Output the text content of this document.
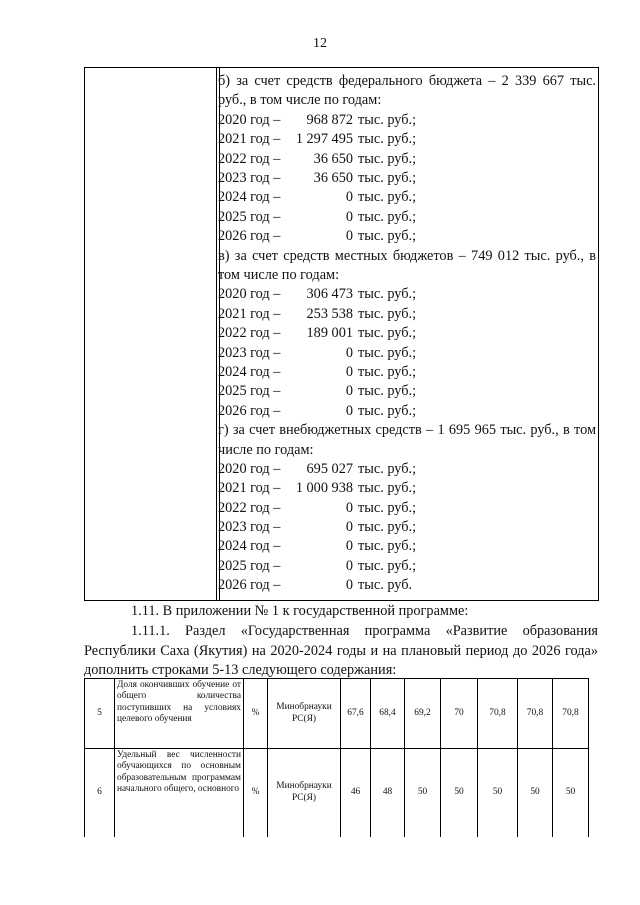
12
б) за счет средств федерального бюджета – 2 339 667 тыс. руб., в том числе по годам:
2020 год –	968 872 тыс. руб.;
2021 год –	1 297 495 тыс. руб.;
2022 год –	36 650 тыс. руб.;
2023 год –	36 650 тыс. руб.;
2024 год –	0 тыс. руб.;
2025 год –	0 тыс. руб.;
2026 год –	0 тыс. руб.;
в) за счет средств местных бюджетов – 749 012 тыс. руб., в том числе по годам:
2020 год –	306 473 тыс. руб.;
2021 год –	253 538 тыс. руб.;
2022 год –	189 001 тыс. руб.;
2023 год –	0 тыс. руб.;
2024 год –	0 тыс. руб.;
2025 год –	0 тыс. руб.;
2026 год –	0 тыс. руб.;
г) за счет внебюджетных средств – 1 695 965 тыс. руб., в том числе по годам:
2020 год –	695 027 тыс. руб.;
2021 год –	1 000 938 тыс. руб.;
2022 год –	0 тыс. руб.;
2023 год –	0 тыс. руб.;
2024 год –	0 тыс. руб.;
2025 год –	0 тыс. руб.;
2026 год –	0 тыс. руб.
1.11. В приложении № 1 к государственной программе:
1.11.1. Раздел «Государственная программа «Развитие образования Республики Саха (Якутия) на 2020-2024 годы и на плановый период до 2026 года» дополнить строками 5-13 следующего содержания:
5	Доля окончивших обучение от общего количества поступивших на условиях целевого обучения	%	Минобрнауки РС(Я)	67,6	68,4	69,2	70	70,8	70,8	70,8
6	Удельный вес численности обучающихся по основным образовательным программам начального общего, основного	%	Минобрнауки РС(Я)	46	48	50	50	50	50	50
